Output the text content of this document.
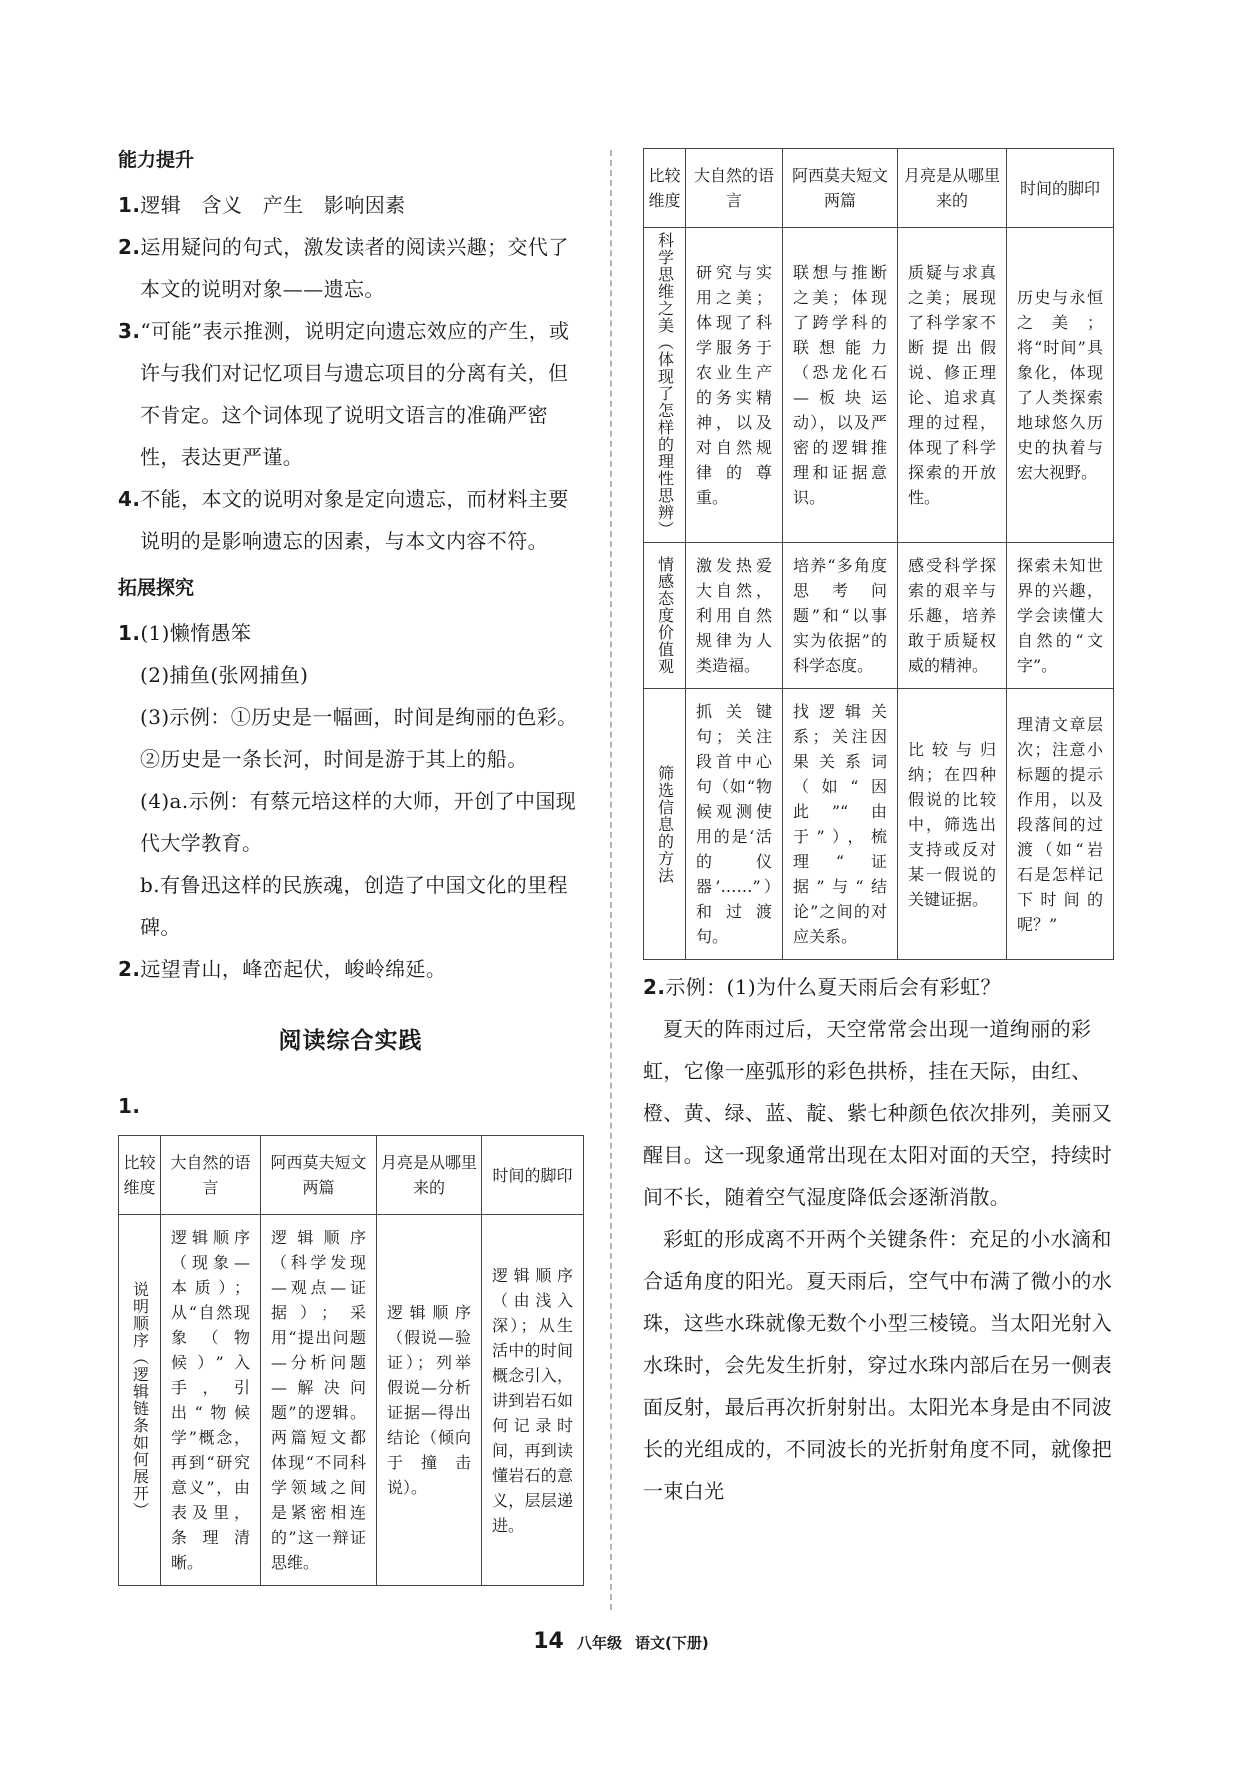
能力提升
1.逻辑　含义　产生　影响因素
2.运用疑问的句式，激发读者的阅读兴趣；交代了本文的说明对象——遗忘。
3.“可能”表示推测，说明定向遗忘效应的产生，或许与我们对记忆项目与遗忘项目的分离有关，但不肯定。这个词体现了说明文语言的准确严密性，表达更严谨。
4.不能，本文的说明对象是定向遗忘，而材料主要说明的是影响遗忘的因素，与本文内容不符。
拓展探究
1.(1)懒惰愚笨
(2)捕鱼(张网捕鱼)
(3)示例：①历史是一幅画，时间是绚丽的色彩。
②历史是一条长河，时间是游于其上的船。
(4)a.示例：有蔡元培这样的大师，开创了中国现代大学教育。
b.有鲁迅这样的民族魂，创造了中国文化的里程碑。
2.远望青山，峰峦起伏，峻岭绵延。
阅读综合实践
1.
比较维度	大自然的语言	阿西莫夫短文两篇	月亮是从哪里来的	时间的脚印

说明顺序（逻辑链条如何展开）	逻辑顺序（现象—本质）；从“自然现象（物候）”入手，引出“物候学”概念，再到“研究意义”，由表及里，条理清晰。	逻辑顺序（科学发现—观点—证据）；采用“提出问题—分析问题—解决问题”的逻辑。两篇短文都体现“不同科学领域之间是紧密相连的”这一辩证思维。	逻辑顺序（假说—验证）；列举假说—分析证据—得出结论（倾向于撞击说）。	逻辑顺序（由浅入深）；从生活中的时间概念引入，讲到岩石如何记录时间，再到读懂岩石的意义，层层递进。
比较维度	大自然的语言	阿西莫夫短文两篇	月亮是从哪里来的	时间的脚印

科学思维之美（体现了怎样的理性思辨）	研究与实用之美；体现了科学服务于农业生产的务实精神，以及对自然规律的尊重。	联想与推断之美；体现了跨学科的联想能力（恐龙化石—板块运动），以及严密的逻辑推理和证据意识。	质疑与求真之美；展现了科学家不断提出假说、修正理论、追求真理的过程，体现了科学探索的开放性。	历史与永恒之美；将“时间”具象化，体现了人类探索地球悠久历史的执着与宏大视野。

情感态度价值观	激发热爱大自然，利用自然规律为人类造福。	培养“多角度思考问题”和“以事实为依据”的科学态度。	感受科学探索的艰辛与乐趣，培养敢于质疑权威的精神。	探索未知世界的兴趣，学会读懂大自然的“文字”。

筛选信息的方法	抓关键句；关注段首中心句（如“物候观测使用的是‘活的仪器’……”）和过渡句。	找逻辑关系；关注因果关系词（如“因此”“由于”），梳理“证据”与“结论”之间的对应关系。	比较与归纳；在四种假说的比较中，筛选出支持或反对某一假说的关键证据。	理清文章层次；注意小标题的提示作用，以及段落间的过渡（如“岩石是怎样记下时间的呢？”
2.示例：(1)为什么夏天雨后会有彩虹？
夏天的阵雨过后，天空常常会出现一道绚丽的彩虹，它像一座弧形的彩色拱桥，挂在天际，由红、橙、黄、绿、蓝、靛、紫七种颜色依次排列，美丽又醒目。这一现象通常出现在太阳对面的天空，持续时间不长，随着空气湿度降低会逐渐消散。
彩虹的形成离不开两个关键条件：充足的小水滴和合适角度的阳光。夏天雨后，空气中布满了微小的水珠，这些水珠就像无数个小型三棱镜。当太阳光射入水珠时，会先发生折射，穿过水珠内部后在另一侧表面反射，最后再次折射射出。太阳光本身是由不同波长的光组成的，不同波长的光折射角度不同，就像把一束白光
14 八年级 语文(下册)
